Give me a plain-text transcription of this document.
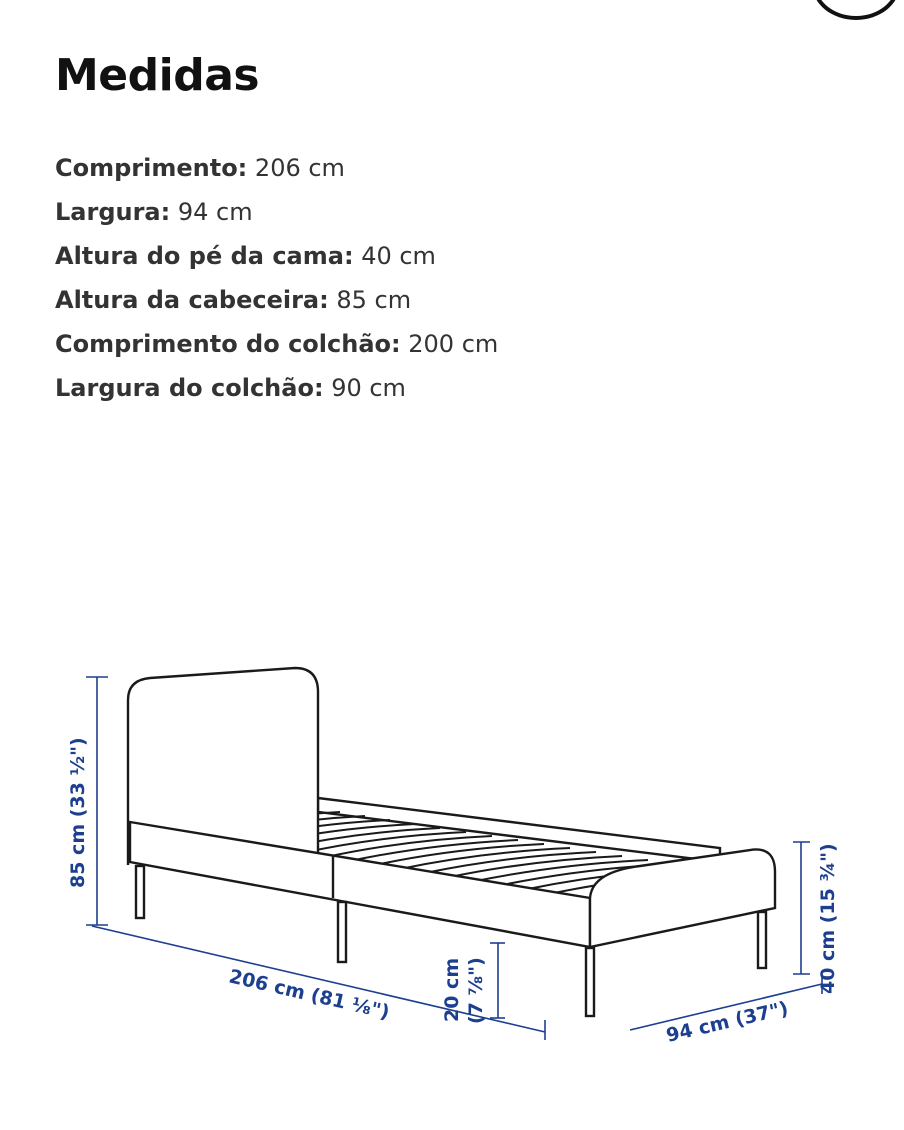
Medidas
Comprimento: 206 cm
Largura: 94 cm
Altura do pé da cama: 40 cm
Altura da cabeceira: 85 cm
Comprimento do colchão: 200 cm
Largura do colchão: 90 cm
85 cm (33 ½")
206 cm (81 ⅛")	20 cm (7 ⅞")	94 cm (37")
40 cm (15 ¾")
